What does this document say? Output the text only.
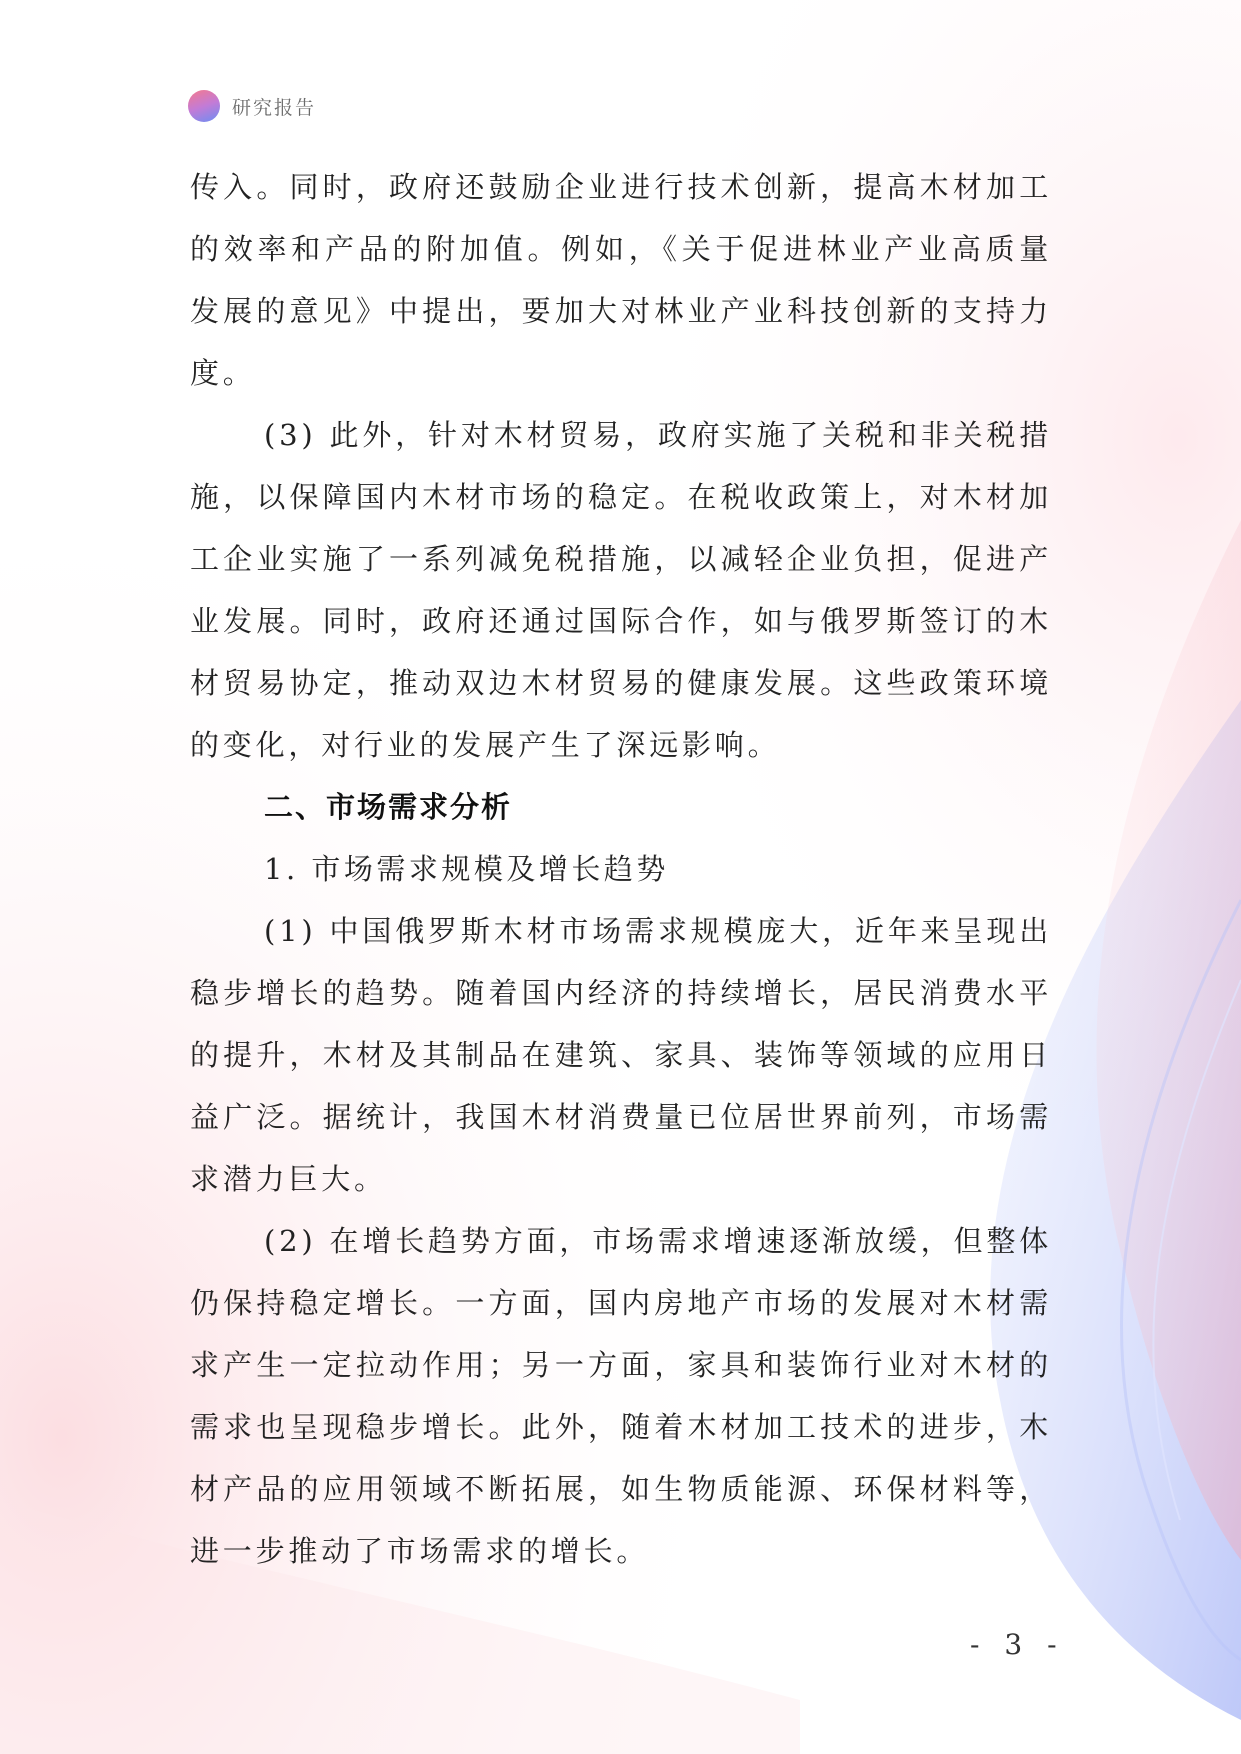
研究报告

传入。同时，政府还鼓励企业进行技术创新，提高木材加工的效率和产品的附加值。例如，《关于促进林业产业高质量发展的意见》中提出，要加大对林业产业科技创新的支持力度。

(3) 此外，针对木材贸易，政府实施了关税和非关税措施，以保障国内木材市场的稳定。在税收政策上，对木材加工企业实施了一系列减免税措施，以减轻企业负担，促进产业发展。同时，政府还通过国际合作，如与俄罗斯签订的木材贸易协定，推动双边木材贸易的健康发展。这些政策环境的变化，对行业的发展产生了深远影响。

二、市场需求分析

1. 市场需求规模及增长趋势

(1) 中国俄罗斯木材市场需求规模庞大，近年来呈现出稳步增长的趋势。随着国内经济的持续增长，居民消费水平的提升，木材及其制品在建筑、家具、装饰等领域的应用日益广泛。据统计，我国木材消费量已位居世界前列，市场需求潜力巨大。

(2) 在增长趋势方面，市场需求增速逐渐放缓，但整体仍保持稳定增长。一方面，国内房地产市场的发展对木材需求产生一定拉动作用；另一方面，家具和装饰行业对木材的需求也呈现稳步增长。此外，随着木材加工技术的进步，木材产品的应用领域不断拓展，如生物质能源、环保材料等，进一步推动了市场需求的增长。

- 3 -
